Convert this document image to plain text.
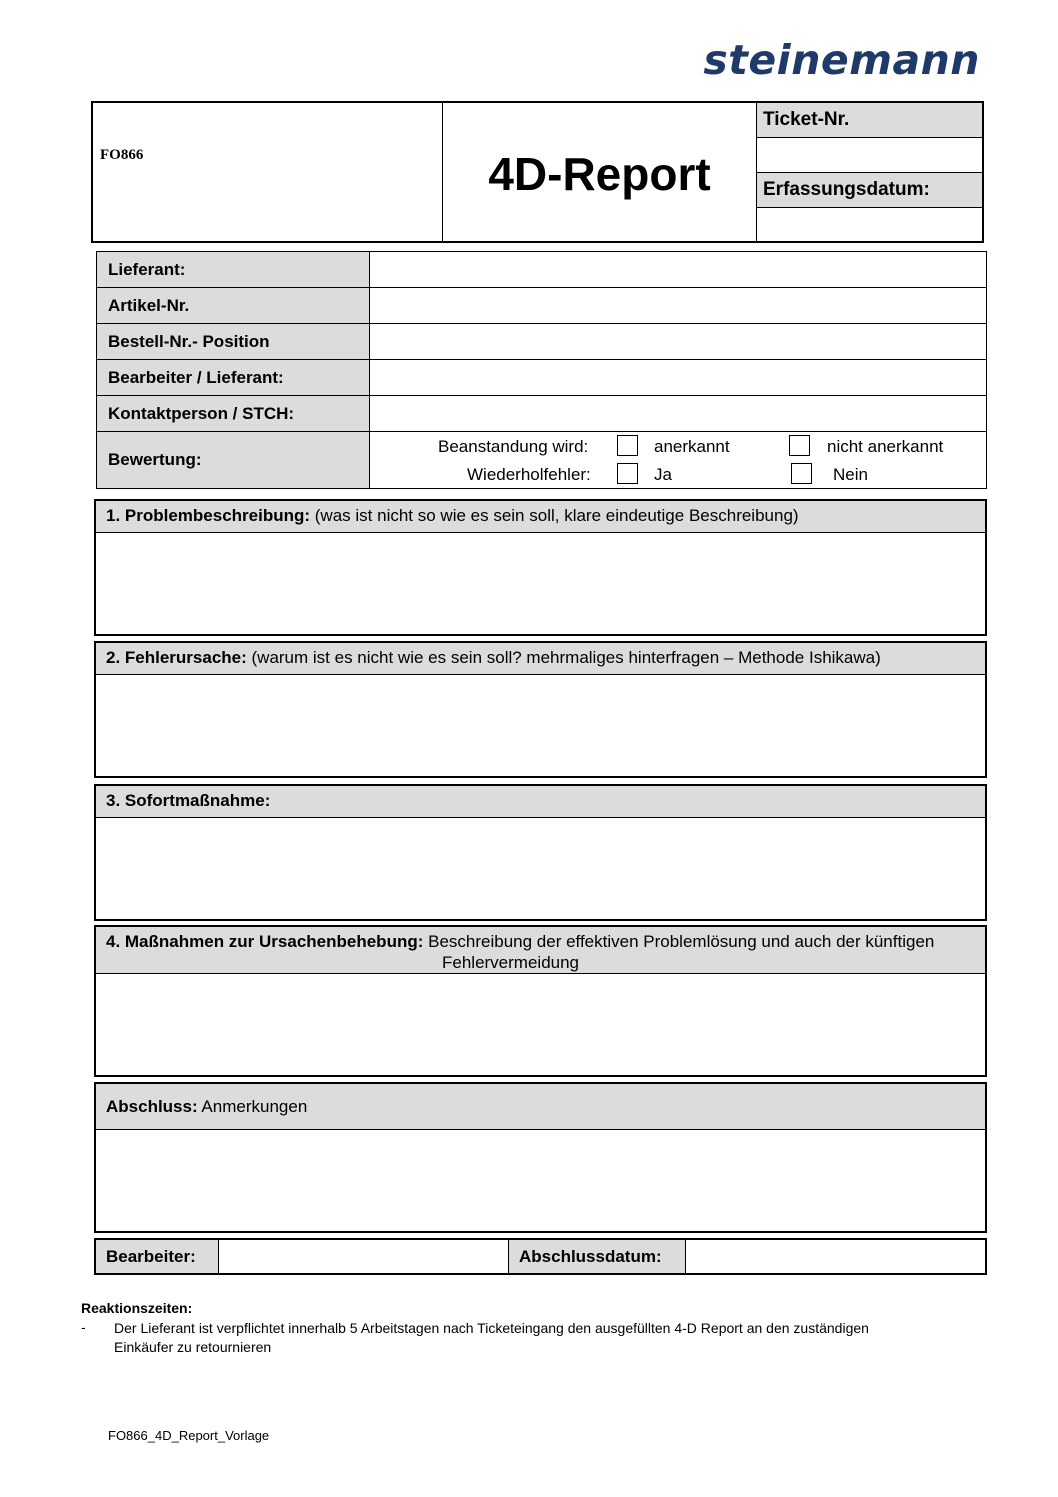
steinemann
FO866	4D-Report
Ticket-Nr.
Erfassungsdatum:
Lieferant:
Artikel-Nr.
Bestell-Nr.- Position
Bearbeiter / Lieferant:
Kontaktperson / STCH:
Bewertung:
Beanstandung wird:	anerkannt	nicht anerkannt
Wiederholfehler:	Ja	Nein
1. Problembeschreibung: (was ist nicht so wie es sein soll, klare eindeutige Beschreibung)
2. Fehlerursache: (warum ist es nicht wie es sein soll? mehrmaliges hinterfragen – Methode Ishikawa)
3. Sofortmaßnahme:
4. Maßnahmen zur Ursachenbehebung: Beschreibung der effektiven Problemlösung und auch der künftigen
Fehlervermeidung
Abschluss: Anmerkungen
Bearbeiter:	Abschlussdatum:
Reaktionszeiten:
- Der Lieferant ist verpflichtet innerhalb 5 Arbeitstagen nach Ticketeingang den ausgefüllten 4-D Report an den zuständigen Einkäufer zu retournieren
FO866_4D_Report_Vorlage
